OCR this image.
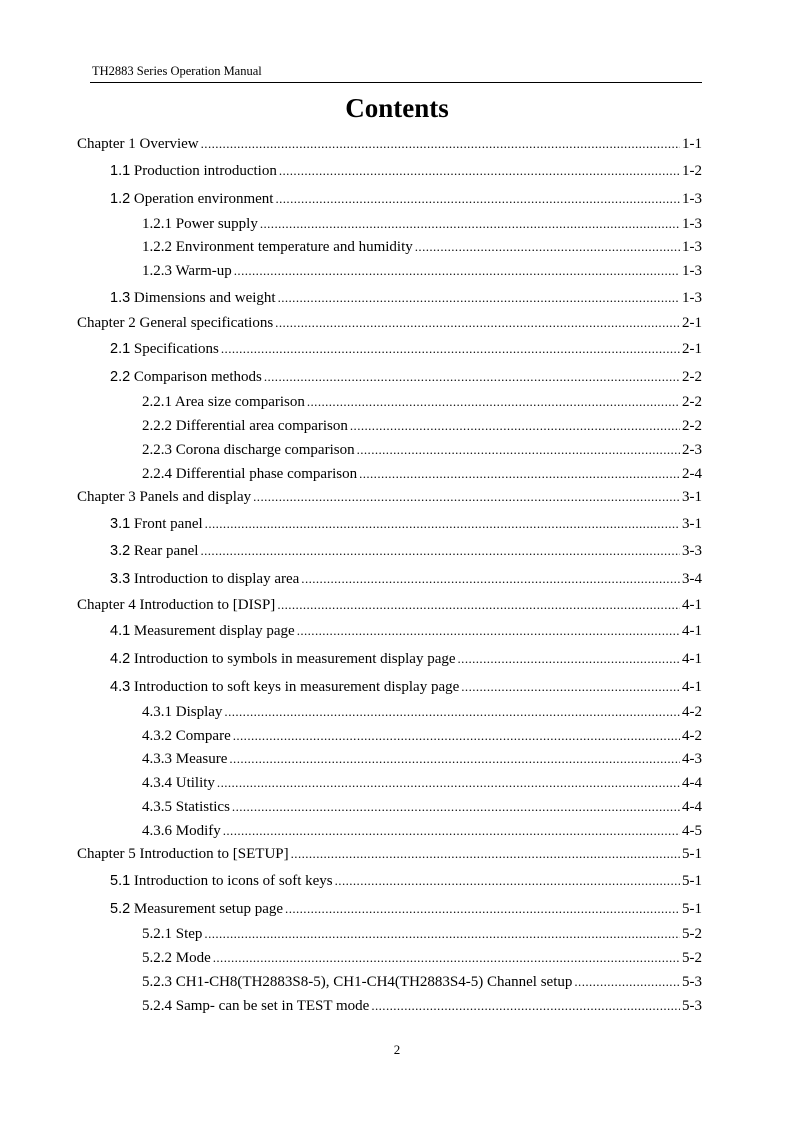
TH2883 Series Operation Manual
Contents
Chapter 1 Overview .....	1-1
1.1 Production introduction .....	1-2
1.2 Operation environment .....	1-3
1.2.1 Power supply .....	1-3
1.2.2 Environment temperature and humidity .....	1-3
1.2.3 Warm-up .....	1-3
1.3 Dimensions and weight .....	1-3
Chapter 2 General specifications .....	2-1
2.1 Specifications .....	2-1
2.2 Comparison methods .....	2-2
2.2.1 Area size comparison .....	2-2
2.2.2 Differential area comparison .....	2-2
2.2.3 Corona discharge comparison .....	2-3
2.2.4 Differential phase comparison .....	2-4
Chapter 3 Panels and display .....	3-1
3.1 Front panel .....	3-1
3.2 Rear panel .....	3-3
3.3 Introduction to display area .....	3-4
Chapter 4 Introduction to [DISP] .....	4-1
4.1 Measurement display page .....	4-1
4.2 Introduction to symbols in measurement display page .....	4-1
4.3 Introduction to soft keys in measurement display page .....	4-1
4.3.1 Display .....	4-2
4.3.2 Compare .....	4-2
4.3.3 Measure .....	4-3
4.3.4 Utility .....	4-4
4.3.5 Statistics .....	4-4
4.3.6 Modify .....	4-5
Chapter 5 Introduction to [SETUP] .....	5-1
5.1 Introduction to icons of soft keys .....	5-1
5.2 Measurement setup page .....	5-1
5.2.1 Step .....	5-2
5.2.2 Mode .....	5-2
5.2.3 CH1-CH8(TH2883S8-5), CH1-CH4(TH2883S4-5) Channel setup .....	5-3
5.2.4 Samp- can be set in TEST mode .....	5-3
2
